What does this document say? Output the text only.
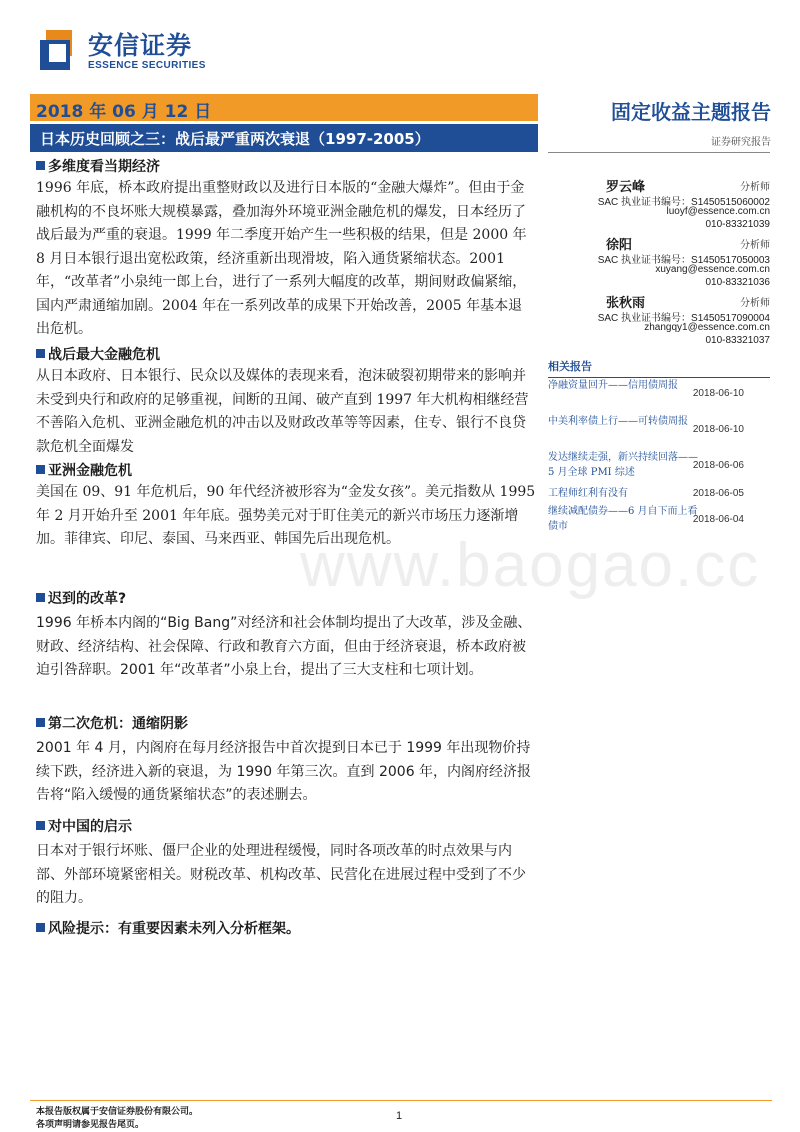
安信证券
ESSENCE SECURITIES
2018 年 06 月 12 日
日本历史回顾之三：战后最严重两次衰退（1997-2005）
固定收益主题报告
证券研究报告
多维度看当期经济
1996 年底，桥本政府提出重整财政以及进行日本版的“金融大爆炸”。但由于金融机构的不良坏账大规模暴露，叠加海外环境亚洲金融危机的爆发，日本经历了战后最为严重的衰退。1999 年二季度开始产生一些积极的结果，但是 2000 年 8 月日本银行退出宽松政策，经济重新出现滑坡，陷入通货紧缩状态。2001 年，“改革者”小泉纯一郎上台，进行了一系列大幅度的改革，期间财政偏紧缩，国内严肃通缩加剧。2004 年在一系列改革的成果下开始改善，2005 年基本退出危机。
战后最大金融危机
从日本政府、日本银行、民众以及媒体的表现来看，泡沫破裂初期带来的影响并未受到央行和政府的足够重视，间断的丑闻、破产直到 1997 年大机构相继经营不善陷入危机、亚洲金融危机的冲击以及财政改革等等因素，住专、银行不良贷款危机全面爆发
亚洲金融危机
美国在 09、91 年危机后，90 年代经济被形容为“金发女孩”。美元指数从 1995 年 2 月开始升至 2001 年年底。强势美元对于盯住美元的新兴市场压力逐渐增加。菲律宾、印尼、泰国、马来西亚、韩国先后出现危机。
迟到的改革?
1996 年桥本内阁的“Big Bang”对经济和社会体制均提出了大改革，涉及金融、财政、经济结构、社会保障、行政和教育六方面，但由于经济衰退，桥本政府被迫引咎辞职。2001 年“改革者”小泉上台，提出了三大支柱和七项计划。
第二次危机：通缩阴影
2001 年 4 月，内阁府在每月经济报告中首次提到日本已于 1999 年出现物价持续下跌，经济进入新的衰退，为 1990 年第三次。直到 2006 年，内阁府经济报告将“陷入缓慢的通货紧缩状态”的表述删去。
对中国的启示
日本对于银行坏账、僵尸企业的处理进程缓慢，同时各项改革的时点效果与内部、外部环境紧密相关。财税改革、机构改革、民营化在进展过程中受到了不少的阻力。
风险提示：有重要因素未列入分析框架。
罗云峰	分析师
SAC 执业证书编号：S1450515060002
luoyf@essence.com.cn
010-83321039
徐阳	分析师
SAC 执业证书编号：S1450517050003
xuyang@essence.com.cn
010-83321036
张秋雨	分析师
SAC 执业证书编号：S1450517090004
zhangqy1@essence.com.cn
010-83321037
相关报告
净融资量回升——信用债周报
2018-06-10
中美利率债上行——可转债周报
2018-06-10
发达继续走强，新兴持续回落——5 月全球 PMI 综述
2018-06-06
工程师红利有没有	2018-06-05
继续减配债券——6 月自下而上看债市
2018-06-04
www.baogao.cc
本报告版权属于安信证券股份有限公司。
各项声明请参见报告尾页。
1
